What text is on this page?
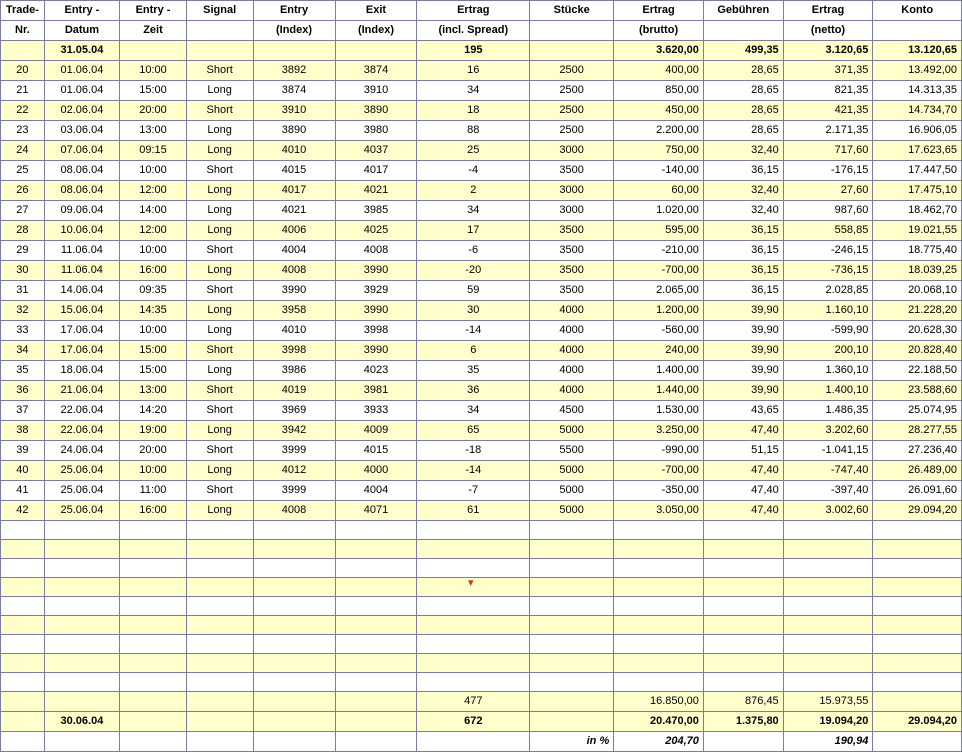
Trade-	Entry -	Entry -	Signal	Entry	Exit	Ertrag	Stücke	Ertrag	Gebühren	Ertrag	Konto
Nr.	Datum	Zeit		(Index)	(Index)	(incl. Spread)		(brutto)		(netto)	
	31.05.04					195		3.620,00	499,35	3.120,65	13.120,65
20	01.06.04	10:00	Short	3892	3874	16	2500	400,00	28,65	371,35	13.492,00
21	01.06.04	15:00	Long	3874	3910	34	2500	850,00	28,65	821,35	14.313,35
22	02.06.04	20:00	Short	3910	3890	18	2500	450,00	28,65	421,35	14.734,70
23	03.06.04	13:00	Long	3890	3980	88	2500	2.200,00	28,65	2.171,35	16.906,05
24	07.06.04	09:15	Long	4010	4037	25	3000	750,00	32,40	717,60	17.623,65
25	08.06.04	10:00	Short	4015	4017	-4	3500	-140,00	36,15	-176,15	17.447,50
26	08.06.04	12:00	Long	4017	4021	2	3000	60,00	32,40	27,60	17.475,10
27	09.06.04	14:00	Long	4021	3985	34	3000	1.020,00	32,40	987,60	18.462,70
28	10.06.04	12:00	Long	4006	4025	17	3500	595,00	36,15	558,85	19.021,55
29	11.06.04	10:00	Short	4004	4008	-6	3500	-210,00	36,15	-246,15	18.775,40
30	11.06.04	16:00	Long	4008	3990	-20	3500	-700,00	36,15	-736,15	18.039,25
31	14.06.04	09:35	Short	3990	3929	59	3500	2.065,00	36,15	2.028,85	20.068,10
32	15.06.04	14:35	Long	3958	3990	30	4000	1.200,00	39,90	1.160,10	21.228,20
33	17.06.04	10:00	Long	4010	3998	-14	4000	-560,00	39,90	-599,90	20.628,30
34	17.06.04	15:00	Short	3998	3990	6	4000	240,00	39,90	200,10	20.828,40
35	18.06.04	15:00	Long	3986	4023	35	4000	1.400,00	39,90	1.360,10	22.188,50
36	21.06.04	13:00	Short	4019	3981	36	4000	1.440,00	39,90	1.400,10	23.588,60
37	22.06.04	14:20	Short	3969	3933	34	4500	1.530,00	43,65	1.486,35	25.074,95
38	22.06.04	19:00	Long	3942	4009	65	5000	3.250,00	47,40	3.202,60	28.277,55
39	24.06.04	20:00	Short	3999	4015	-18	5500	-990,00	51,15	-1.041,15	27.236,40
40	25.06.04	10:00	Long	4012	4000	-14	5000	-700,00	47,40	-747,40	26.489,00
41	25.06.04	11:00	Short	3999	4004	-7	5000	-350,00	47,40	-397,40	26.091,60
42	25.06.04	16:00	Long	4008	4071	61	5000	3.050,00	47,40	3.002,60	29.094,20

						477		16.850,00	876,45	15.973,55	
	30.06.04					672		20.470,00	1.375,80	19.094,20	29.094,20
							in %	204,70		190,94	
▾
